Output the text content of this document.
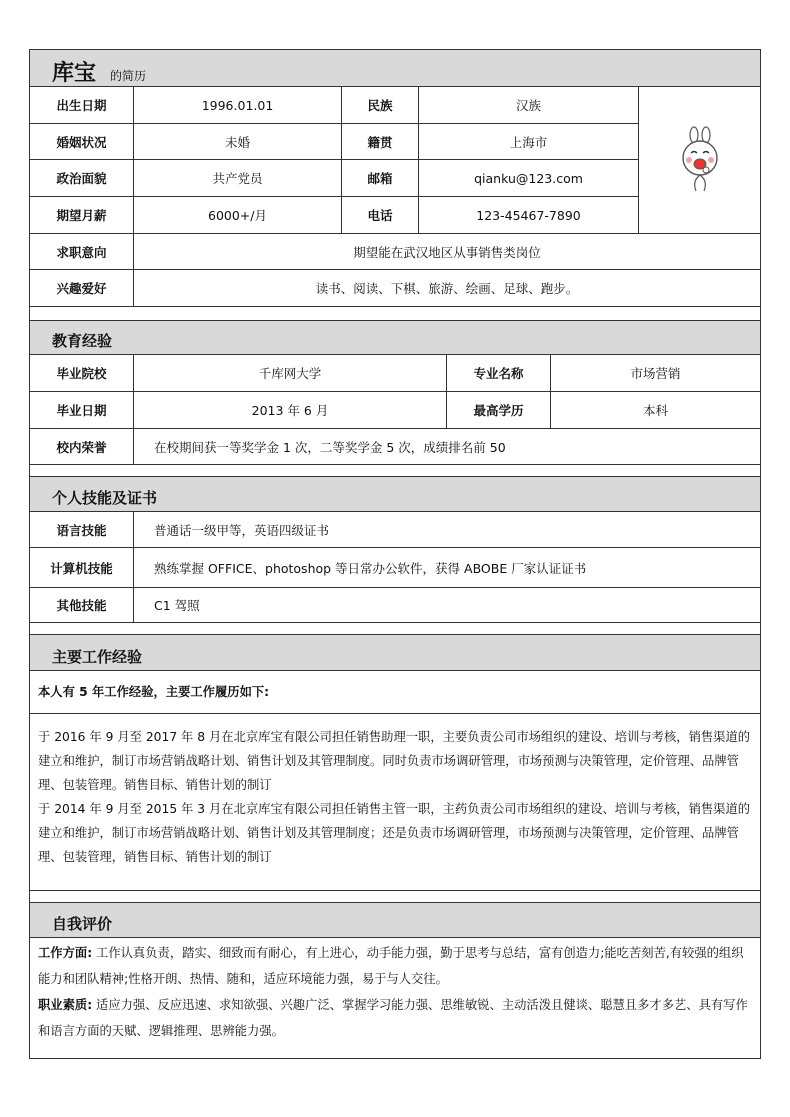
库宝 的简历
出生日期	1996.01.01	民族	汉族
婚姻状况	未婚	籍贯	上海市
政治面貌	共产党员	邮箱	qianku@123.com
期望月薪	6000+/月	电话	123-45467-7890
求职意向	期望能在武汉地区从事销售类岗位
兴趣爱好	读书、阅读、下棋、旅游、绘画、足球、跑步。
教育经验
毕业院校	千库网大学	专业名称	市场营销
毕业日期	2013 年 6 月	最高学历	本科
校内荣誉	在校期间获一等奖学金 1 次，二等奖学金 5 次，成绩排名前 50
个人技能及证书
语言技能	普通话一级甲等，英语四级证书
计算机技能	熟练掌握 OFFICE、photoshop 等日常办公软件，获得 ABOBE 厂家认证证书
其他技能	C1 驾照
主要工作经验
本人有 5 年工作经验，主要工作履历如下:
于 2016 年 9 月至 2017 年 8 月在北京库宝有限公司担任销售助理一职，主要负责公司市场组织的建设、培训与考核，销售渠道的建立和维护，制订市场营销战略计划、销售计划及其管理制度。同时负责市场调研管理，市场预测与决策管理，定价管理、品牌管理、包装管理。销售目标、销售计划的制订
于 2014 年 9 月至 2015 年 3 月在北京库宝有限公司担任销售主管一职，主药负责公司市场组织的建设、培训与考核，销售渠道的建立和维护，制订市场营销战略计划、销售计划及其管理制度；还是负责市场调研管理，市场预测与决策管理，定价管理、品牌管理、包装管理，销售目标、销售计划的制订
自我评价
工作方面: 工作认真负责，踏实、细致而有耐心，有上进心，动手能力强，勤于思考与总结，富有创造力;能吃苦刻苦,有较强的组织能力和团队精神;性格开朗、热情、随和，适应环境能力强，易于与人交往。
职业素质: 适应力强、反应迅速、求知欲强、兴趣广泛、掌握学习能力强、思维敏锐、主动活泼且健谈、聪慧且多才多艺、具有写作和语言方面的天赋、逻辑推理、思辨能力强。
